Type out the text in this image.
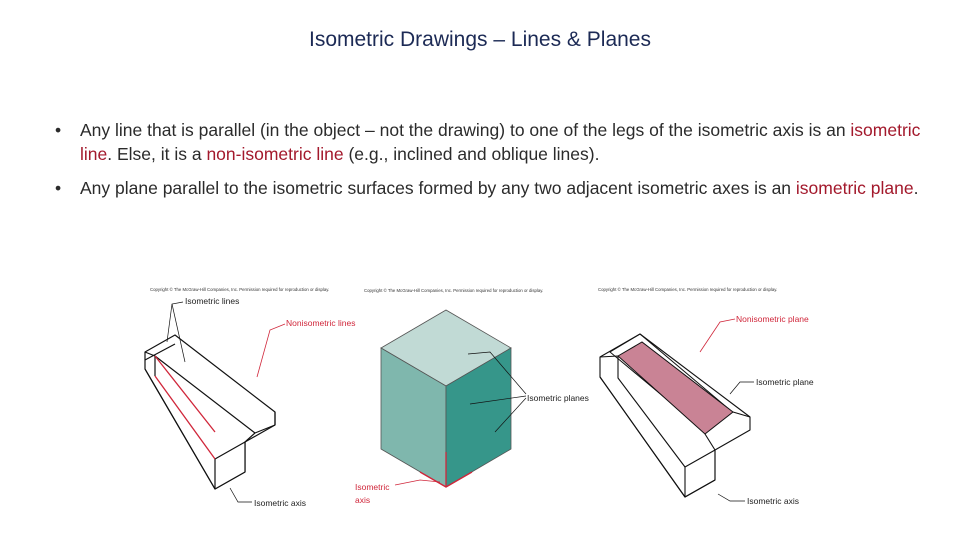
Isometric Drawings – Lines & Planes
• Any line that is parallel (in the object – not the drawing) to one of the legs of the isometric axis is an isometric line. Else, it is a non-isometric line (e.g., inclined and oblique lines).
• Any plane parallel to the isometric surfaces formed by any two adjacent isometric axes is an isometric plane.
Copyright © The McGraw-Hill Companies, Inc. Permission required for reproduction or display.
Isometric lines
Nonisometric lines
Isometric axis
Copyright © The McGraw-Hill Companies, Inc. Permission required for reproduction or display.
Isometric planes
Isometric
axis
Copyright © The McGraw-Hill Companies, Inc. Permission required for reproduction or display.
Nonisometric plane
Isometric plane
Isometric axis
